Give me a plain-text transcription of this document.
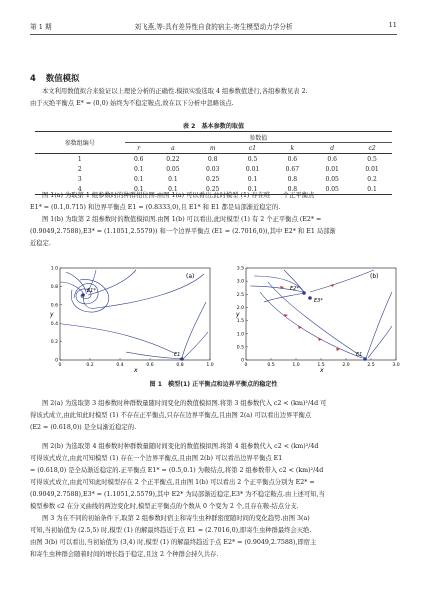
第 1 期	刘飞燕,等:具有差异性自食的宿主-寄生模型动力学分析	11
4 数值模拟
本文利用数值拟合来验证以上理论分析的正确性.模拟实验选取 4 组参数值进行,各组参数见表 2.
由于灭绝平衡点 E* = (0,0) 始终为不稳定鞍点,故在以下分析中忽略该点.
表 2　基本参数的取值
参数组编号	参数值						
	r	a	m	c1	k	d	c2
1	0.6	0.22	0.8	0.5	0.6	0.6	0.5
2	0.1	0.05	0.03	0.01	0.67	0.01	0.01
3	0.1	0.1	0.25	0.1	0.8	0.05	0.2
4	0.1	0.1	0.25	0.1	0.8	0.05	0.1
图 1(a) 为取第 1 组参数时的种群相位图.由图 1(a) 可以看出,此时模型 (1) 存在唯一一个正平衡点
E1* = (0.1,0.715) 和边界平衡点 E1 = (0.8333,0),且 E1* 和 E1 都是局部渐近稳定的.
图 1(b) 为取第 2 组参数时的数值模拟图.由图 1(b) 可以看出,此时模型 (1) 有 2 个正平衡点 (E2* =
(0.9049,2.7588),E3* = (1.1051,2.5579)) 和一个边界平衡点 (E1 = (2.7016,0)),其中 E2* 和 E1 局部渐
近稳定.
0	0.2	0.4	0.6	0.8	1.0
0
0.2
0.4
0.6
0.8
1.0
y
x
(a)
E1*
E1
0	0.5	1.0	1.5	2.0	2.5	3.0
0
0.5
1.0
1.5
2.0
2.5
3.0
3.5
y
x
(b)
E2*
E3*
E1
图 1　模型(1) 正平衡点和边界平衡点的稳定性
图 2(a) 为选取第 3 组参数时种群数量随时间变化的数值模拟图.将第 3 组参数代入 c2 < (km)²/4d 可
得该式成立,由此知此时模型 (1) 不存在正平衡点,只存在边界平衡点,且由图 2(a) 可以看出边界平衡点
(E2 = (0.618,0)) 是全局渐近稳定的.
图 2(b) 为选取第 4 组参数时种群数量随时间变化的数值模拟图.将第 4 组参数代入 c2 < (km)²/4d
可得该式成立,由此可知模型 (1) 存在一个边界平衡点,且由图 2(b) 可以看出边界平衡点 E1
= (0.618,0) 是全局渐近稳定的.正平衡点 E1* = (0.5,0.1) 为鞍结点,将第 2 组参数带入 c2 < (km)²/4d
可得该式成立,由此可知此时模型存在 2 个正平衡点,且由图 1(b) 可以看出 2 个正平衡点分别为 E2* =
(0.9049,2.7588),E3* = (1.1051,2.5579),其中 E2* 为局部渐近稳定,E3* 为不稳定鞍点.由上述可知,当
模型参数 c2 在分叉曲线的两边变化时,模型正平衡点的个数从 0 个变为 2 个,且存在鞍-结点分支.
图 3 为在不同的初始条件下,取第 2 组参数时宿主和寄生虫种群密度随时间的变化趋势.由图 3(a)
可知,当初始值为 (2.5,5) 时,模型 (1) 的解最终趋近于点 E1 = (2.7016,0),即寄生虫种群最终会灭绝.
由图 3(b) 可以看出,当初始值为 (3,4) 时,模型 (1) 的解最终趋近于点 E2* = (0.9049,2.7588),即宿主
和寄生虫种群会随着时间的增长趋于稳定,且这 2 个种群会持久共存.
